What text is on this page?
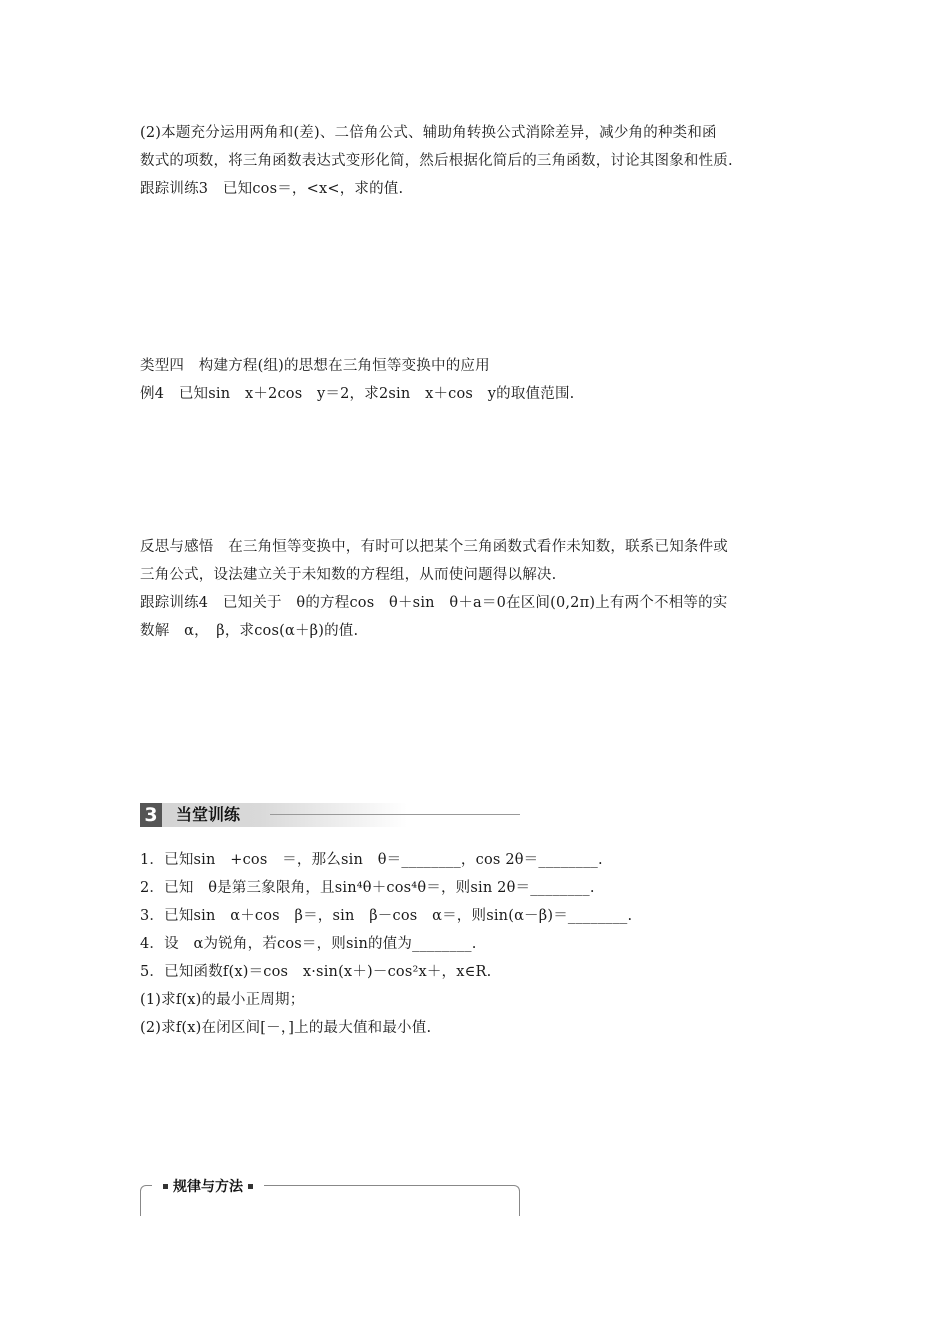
(2)本题充分运用两角和(差)、二倍角公式、辅助角转换公式消除差异，减少角的种类和函
数式的项数，将三角函数表达式变形化简，然后根据化简后的三角函数，讨论其图象和性质.
跟踪训练3　已知cos＝，<x<，求的值.
类型四　构建方程(组)的思想在三角恒等变换中的应用
例4　已知sin　x＋2cos　y＝2，求2sin　x＋cos　y的取值范围.
反思与感悟　在三角恒等变换中，有时可以把某个三角函数式看作未知数，联系已知条件或
三角公式，设法建立关于未知数的方程组，从而使问题得以解决.
跟踪训练4　已知关于　θ的方程cos　θ＋sin　θ＋a＝0在区间(0,2π)上有两个不相等的实
数解　α，　β，求cos(α＋β)的值.
1．已知sin　+cos　＝，那么sin　θ＝________，cos 2θ＝________.
2．已知　θ是第三象限角，且sin⁴θ＋cos⁴θ＝，则sin 2θ＝________.
3．已知sin　α＋cos　β＝，sin　β－cos　α＝，则sin(α－β)＝________.
4．设　α为锐角，若cos＝，则sin的值为________.
5．已知函数f(x)＝cos　x·sin(x＋)－cos²x＋，x∈R.
(1)求f(x)的最小正周期；
(2)求f(x)在闭区间[－，]上的最大值和最小值.
3 当堂训练
规律与方法
